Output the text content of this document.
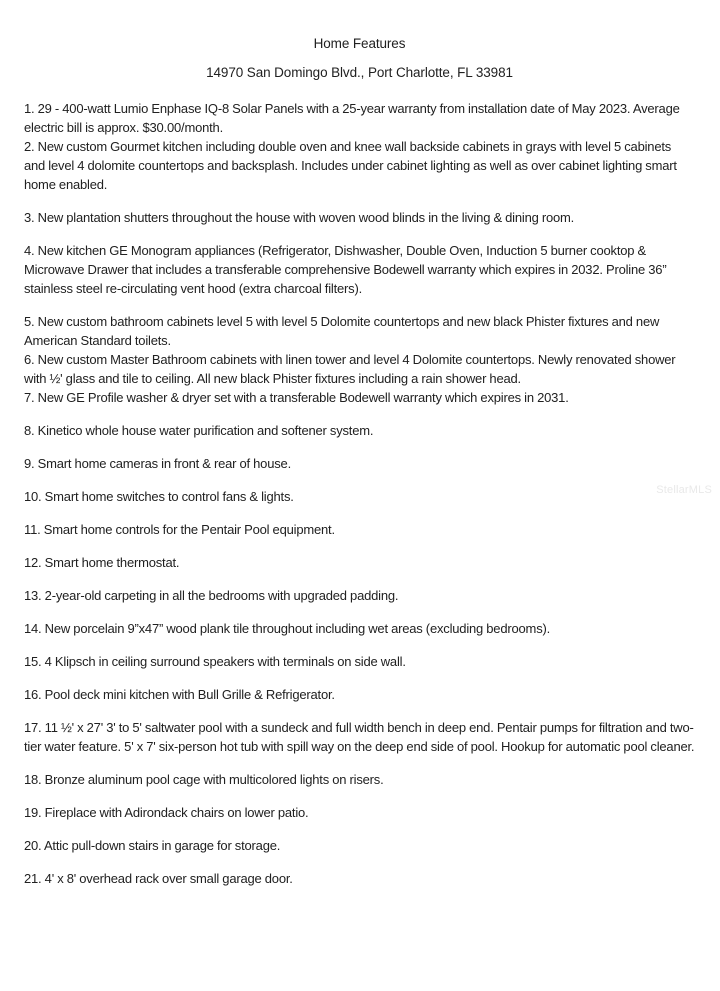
Home Features
14970 San Domingo Blvd., Port Charlotte, FL 33981

1. 29 - 400-watt Lumio Enphase IQ-8 Solar Panels with a 25-year warranty from installation date of May 2023. Average electric bill is approx. $30.00/month.

2. New custom Gourmet kitchen including double oven and knee wall backside cabinets in grays with level 5 cabinets and level 4 dolomite countertops and backsplash. Includes under cabinet lighting as well as over cabinet lighting smart home enabled.

3. New plantation shutters throughout the house with woven wood blinds in the living & dining room.

4. New kitchen GE Monogram appliances (Refrigerator, Dishwasher, Double Oven, Induction 5 burner cooktop & Microwave Drawer that includes a transferable comprehensive Bodewell warranty which expires in 2032. Proline 36” stainless steel re-circulating vent hood (extra charcoal filters).

5. New custom bathroom cabinets level 5 with level 5 Dolomite countertops and new black Phister fixtures and new American Standard toilets.

6. New custom Master Bathroom cabinets with linen tower and level 4 Dolomite countertops. Newly renovated shower with ½' glass and tile to ceiling. All new black Phister fixtures including a rain shower head.

7. New GE Profile washer & dryer set with a transferable Bodewell warranty which expires in 2031.

8. Kinetico whole house water purification and softener system.

9. Smart home cameras in front & rear of house.

10. Smart home switches to control fans & lights.

11. Smart home controls for the Pentair Pool equipment.

12. Smart home thermostat.

13. 2-year-old carpeting in all the bedrooms with upgraded padding.

14. New porcelain 9”x47” wood plank tile throughout including wet areas (excluding bedrooms).

15. 4 Klipsch in ceiling surround speakers with terminals on side wall.

16. Pool deck mini kitchen with Bull Grille & Refrigerator.

17. 11 ½' x 27' 3' to 5' saltwater pool with a sundeck and full width bench in deep end. Pentair pumps for filtration and two-tier water feature. 5' x 7' six-person hot tub with spill way on the deep end side of pool. Hookup for automatic pool cleaner.

18. Bronze aluminum pool cage with multicolored lights on risers.

19. Fireplace with Adirondack chairs on lower patio.

20. Attic pull-down stairs in garage for storage.

21. 4' x 8' overhead rack over small garage door.

StellarMLS
